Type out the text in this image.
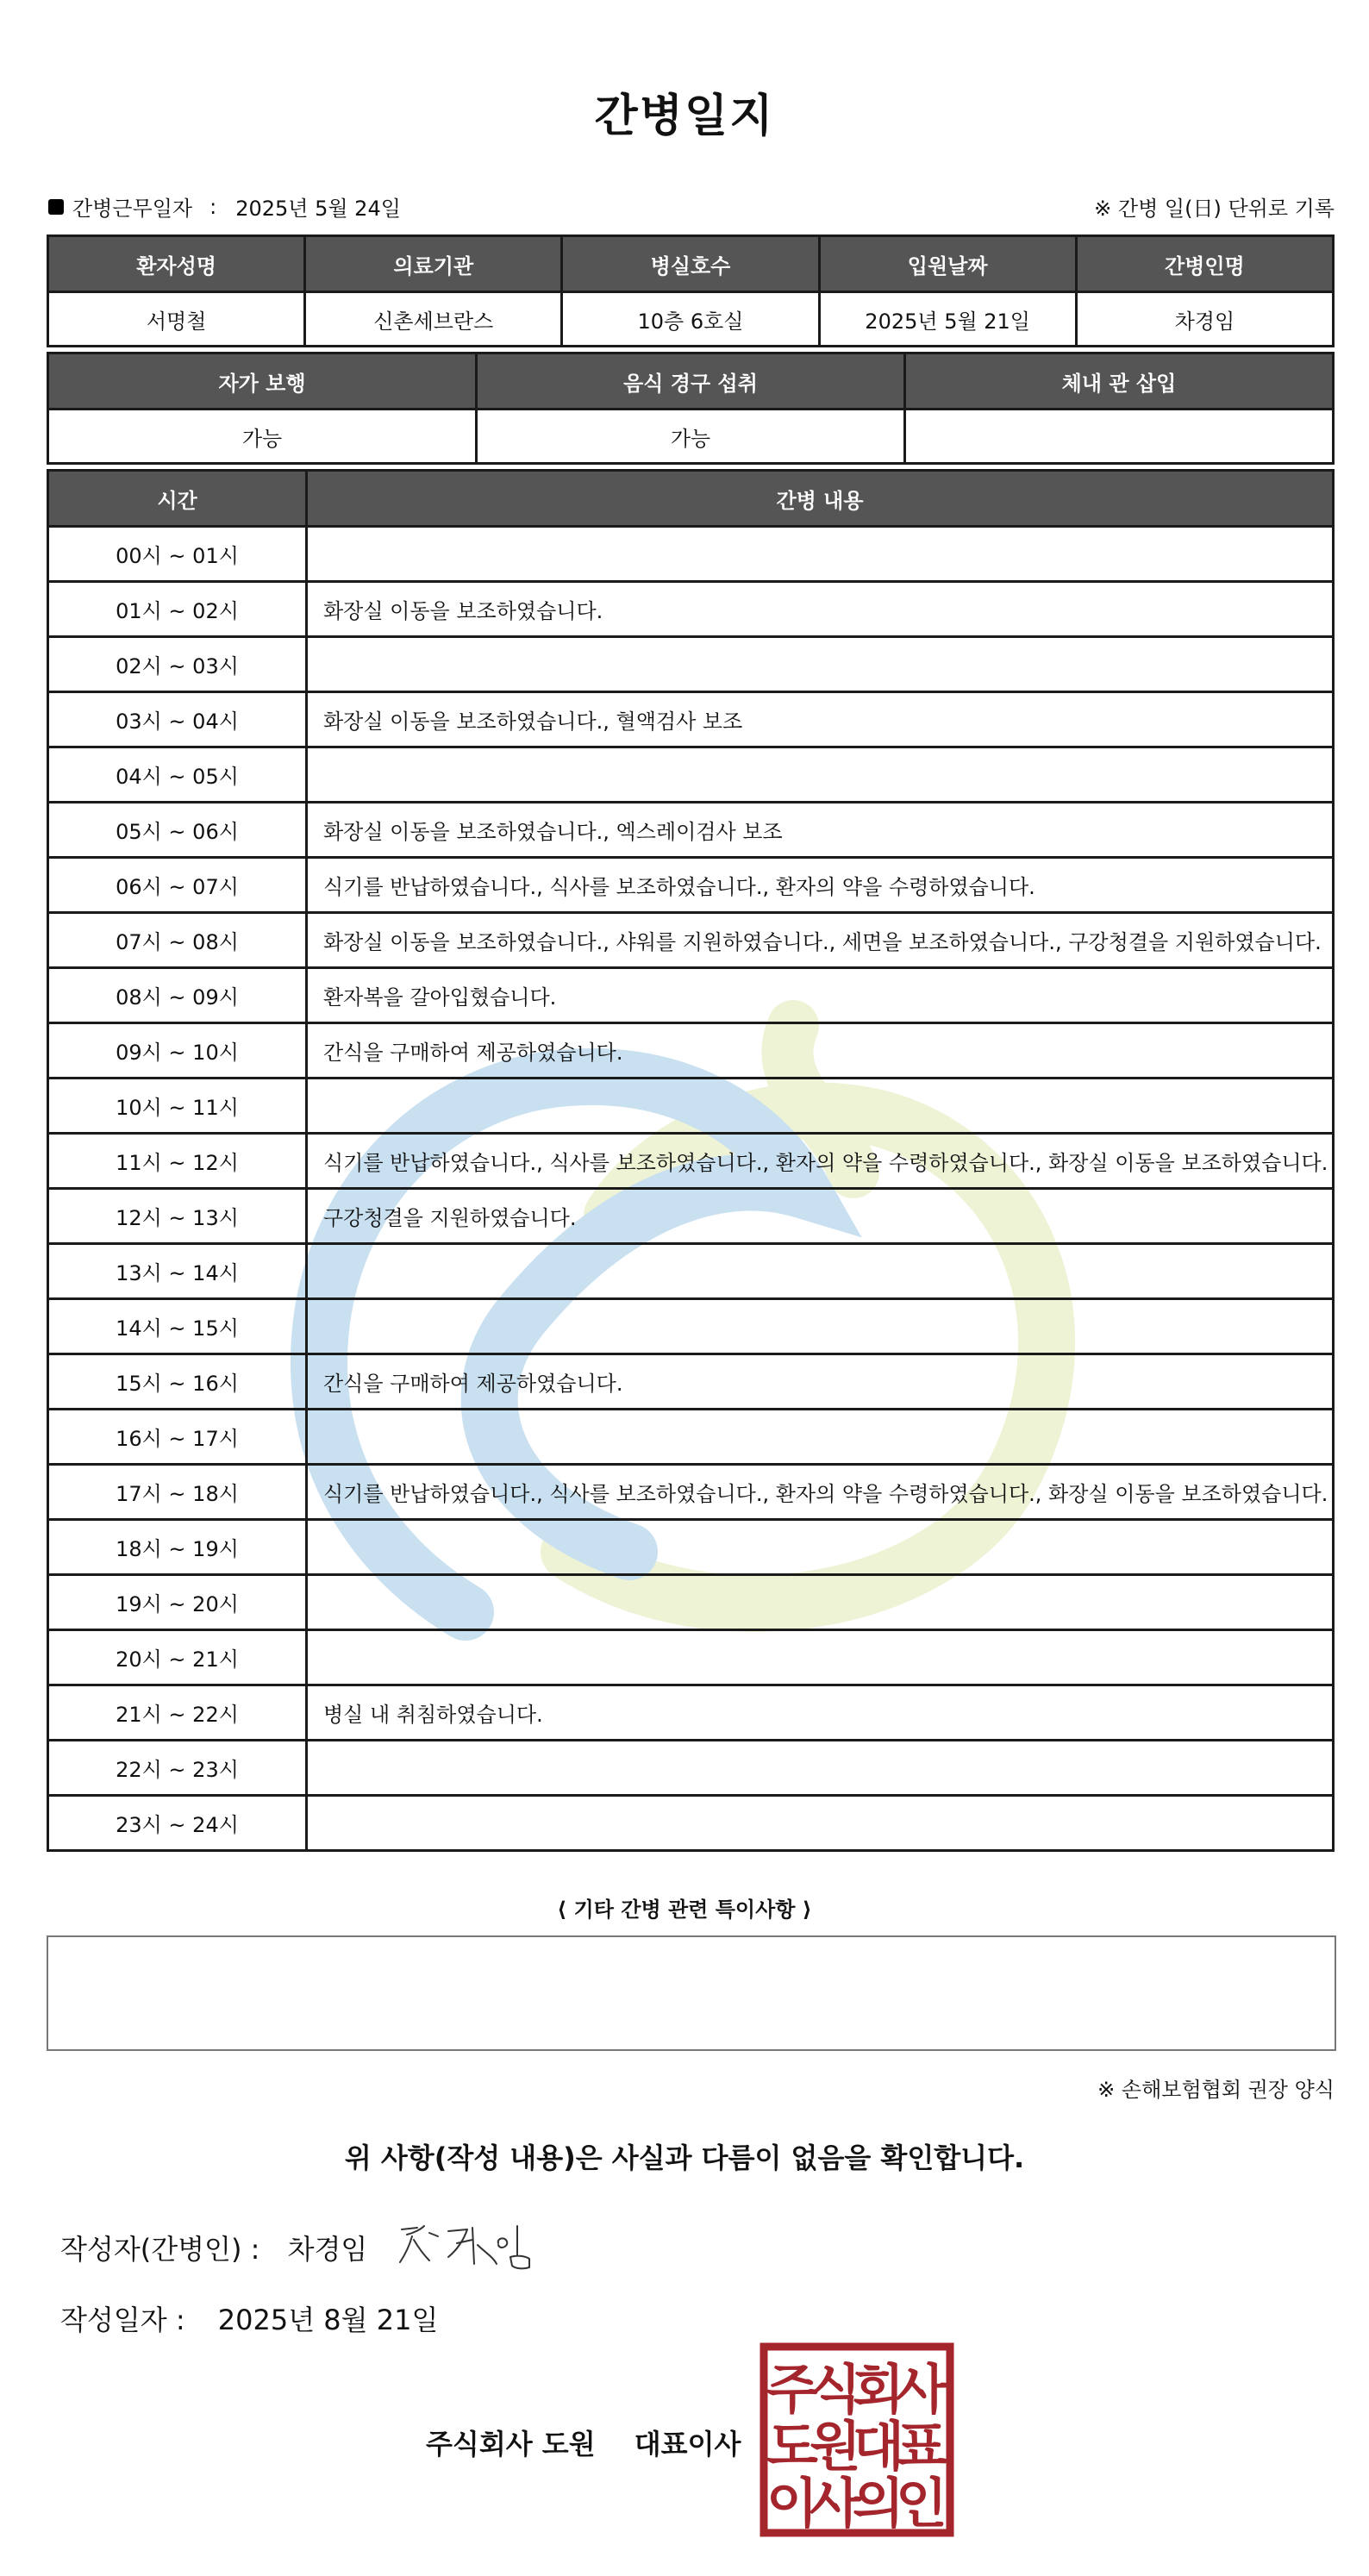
간병일지
간병근무일자 : 2025년 5월 24일	※ 간병 일(日) 단위로 기록
환자성명	의료기관	병실호수	입원날짜	간병인명
서명철	신촌세브란스	10층 6호실	2025년 5월 21일	차경임
자가 보행	음식 경구 섭취	체내 관 삽입
가능	가능	
시간	간병 내용
00시 ~ 01시	
01시 ~ 02시	화장실 이동을 보조하였습니다.
02시 ~ 03시	
03시 ~ 04시	화장실 이동을 보조하였습니다., 혈액검사 보조
04시 ~ 05시	
05시 ~ 06시	화장실 이동을 보조하였습니다., 엑스레이검사 보조
06시 ~ 07시	식기를 반납하였습니다., 식사를 보조하였습니다., 환자의 약을 수령하였습니다.
07시 ~ 08시	화장실 이동을 보조하였습니다., 샤워를 지원하였습니다., 세면을 보조하였습니다., 구강청결을 지원하였습니다.
08시 ~ 09시	환자복을 갈아입혔습니다.
09시 ~ 10시	간식을 구매하여 제공하였습니다.
10시 ~ 11시	
11시 ~ 12시	식기를 반납하였습니다., 식사를 보조하였습니다., 환자의 약을 수령하였습니다., 화장실 이동을 보조하였습니다.
12시 ~ 13시	구강청결을 지원하였습니다.
13시 ~ 14시	
14시 ~ 15시	
15시 ~ 16시	간식을 구매하여 제공하였습니다.
16시 ~ 17시	
17시 ~ 18시	식기를 반납하였습니다., 식사를 보조하였습니다., 환자의 약을 수령하였습니다., 화장실 이동을 보조하였습니다.
18시 ~ 19시	
19시 ~ 20시	
20시 ~ 21시	
21시 ~ 22시	병실 내 취침하였습니다.
22시 ~ 23시	
23시 ~ 24시	
⟨ 기타 간병 관련 특이사항 ⟩
※ 손해보험협회 권장 양식
위 사항(작성 내용)은 사실과 다름이 없음을 확인합니다.
작성자(간병인) : 차경임
작성일자 : 2025년 8월 21일
주식회사 도원 대표이사
주
식
회
사
도
원
대
표
이
사
의
인
